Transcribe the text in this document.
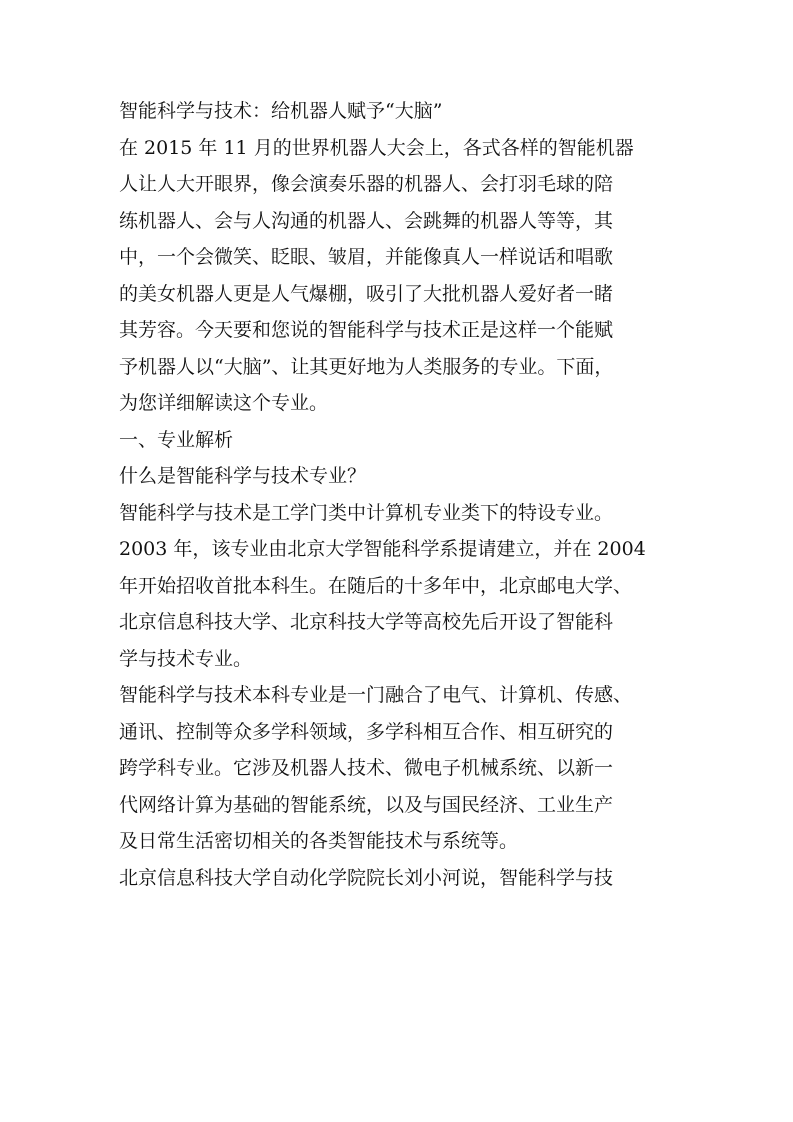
智能科学与技术：给机器人赋予“大脑”
在 2015 年 11 月的世界机器人大会上，各式各样的智能机器
人让人大开眼界，像会演奏乐器的机器人、会打羽毛球的陪
练机器人、会与人沟通的机器人、会跳舞的机器人等等，其
中，一个会微笑、眨眼、皱眉，并能像真人一样说话和唱歌
的美女机器人更是人气爆棚，吸引了大批机器人爱好者一睹
其芳容。今天要和您说的智能科学与技术正是这样一个能赋
予机器人以“大脑”、让其更好地为人类服务的专业。下面，
为您详细解读这个专业。
一、专业解析
什么是智能科学与技术专业？
智能科学与技术是工学门类中计算机专业类下的特设专业。
2003 年，该专业由北京大学智能科学系提请建立，并在 2004
年开始招收首批本科生。在随后的十多年中，北京邮电大学、
北京信息科技大学、北京科技大学等高校先后开设了智能科
学与技术专业。
智能科学与技术本科专业是一门融合了电气、计算机、传感、
通讯、控制等众多学科领域，多学科相互合作、相互研究的
跨学科专业。它涉及机器人技术、微电子机械系统、以新一
代网络计算为基础的智能系统，以及与国民经济、工业生产
及日常生活密切相关的各类智能技术与系统等。
北京信息科技大学自动化学院院长刘小河说，智能科学与技
